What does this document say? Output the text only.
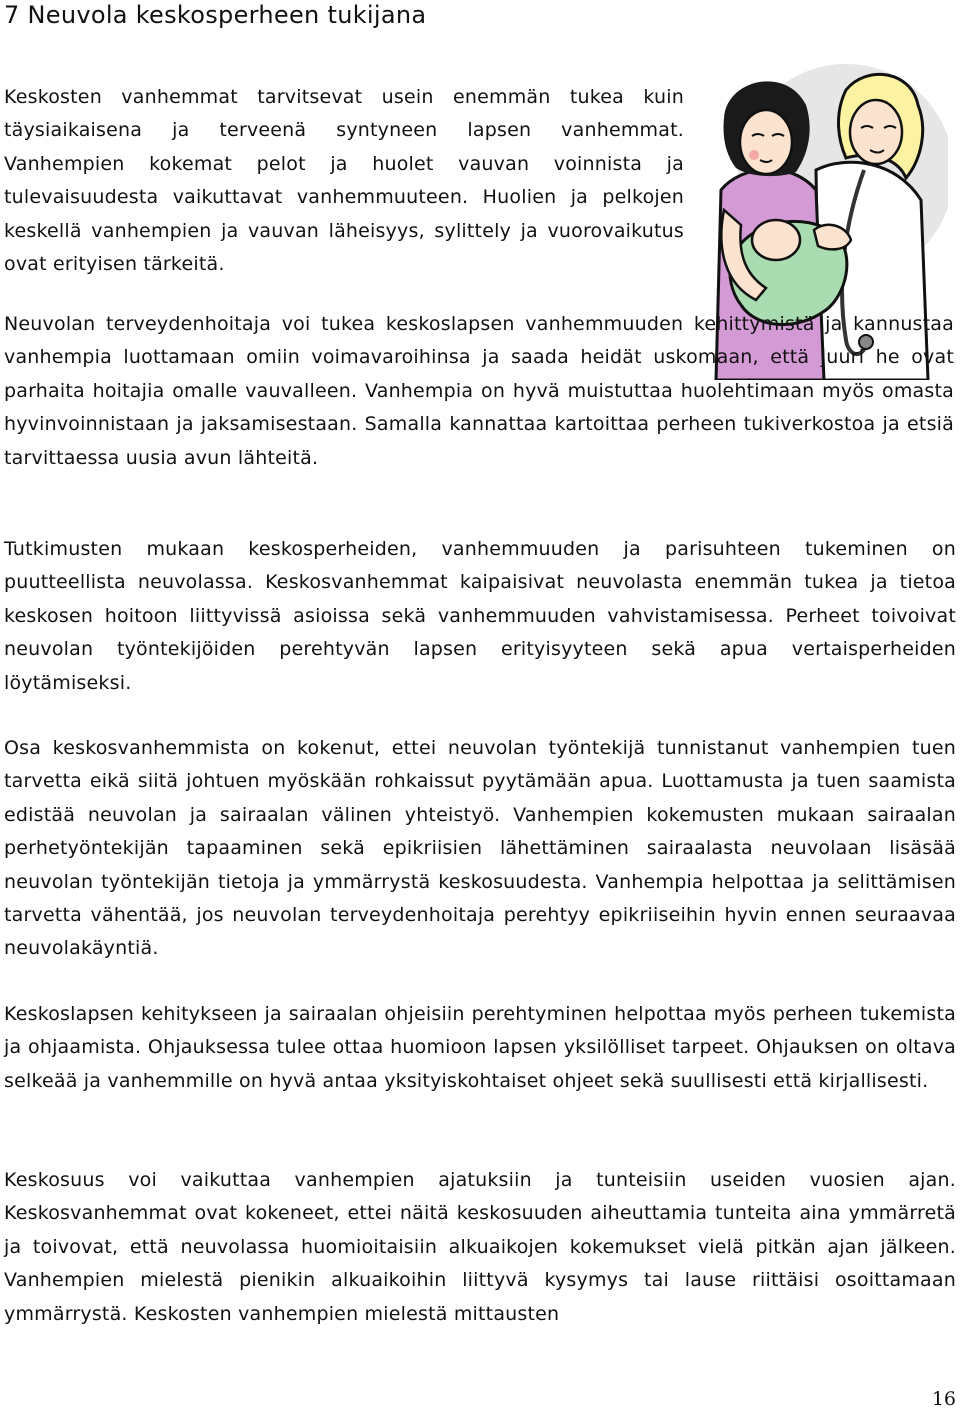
7 Neuvola keskosperheen tukijana

Keskosten vanhemmat tarvitsevat usein enemmän tukea kuin täysiaikaisena ja terveenä syntyneen lapsen vanhemmat. Vanhempien kokemat pelot ja huolet vauvan voinnista ja tulevaisuudesta vaikuttavat vanhemmuuteen. Huolien ja pelkojen keskellä vanhempien ja vauvan läheisyys, sylittely ja vuorovaikutus ovat erityisen tärkeitä.

Neuvolan terveydenhoitaja voi tukea keskoslapsen vanhemmuuden kehittymistä ja kannustaa vanhempia luottamaan omiin voimavaroihinsa ja saada heidät uskomaan, että juuri he ovat parhaita hoitajia omalle vauvalleen. Vanhempia on hyvä muistuttaa huolehtimaan myös omasta hyvinvoinnistaan ja jaksamisestaan. Samalla kannattaa kartoittaa perheen tukiverkostoa ja etsiä tarvittaessa uusia avun lähteitä.

Tutkimusten mukaan keskosperheiden, vanhemmuuden ja parisuhteen tukeminen on puutteellista neuvolassa. Keskosvanhemmat kaipaisivat neuvolasta enemmän tukea ja tietoa keskosen hoitoon liittyvissä asioissa sekä vanhemmuuden vahvistamisessa. Perheet toivoivat neuvolan työntekijöiden perehtyvän lapsen erityisyyteen sekä apua vertaisperheiden löytämiseksi.

Osa keskosvanhemmista on kokenut, ettei neuvolan työntekijä tunnistanut vanhempien tuen tarvetta eikä siitä johtuen myöskään rohkaissut pyytämään apua. Luottamusta ja tuen saamista edistää neuvolan ja sairaalan välinen yhteistyö. Vanhempien kokemusten mukaan sairaalan perhetyöntekijän tapaaminen sekä epikriisien lähettäminen sairaalasta neuvolaan lisäsää neuvolan työntekijän tietoja ja ymmärrystä keskosuudesta. Vanhempia helpottaa ja selittämisen tarvetta vähentää, jos neuvolan terveydenhoitaja perehtyy epikriiseihin hyvin ennen seuraavaa neuvolakäyntiä.

Keskoslapsen kehitykseen ja sairaalan ohjeisiin perehtyminen helpottaa myös perheen tukemista ja ohjaamista. Ohjauksessa tulee ottaa huomioon lapsen yksilölliset tarpeet. Ohjauksen on oltava selkeää ja vanhemmille on hyvä antaa yksityiskohtaiset ohjeet sekä suullisesti että kirjallisesti.

Keskosuus voi vaikuttaa vanhempien ajatuksiin ja tunteisiin useiden vuosien ajan. Keskosvanhemmat ovat kokeneet, ettei näitä keskosuuden aiheuttamia tunteita aina ymmärretä ja toivovat, että neuvolassa huomioitaisiin alkuaikojen kokemukset vielä pitkän ajan jälkeen. Vanhempien mielestä pienikin alkuaikoihin liittyvä kysymys tai lause riittäisi osoittamaan ymmärrystä. Keskosten vanhempien mielestä mittausten

16
